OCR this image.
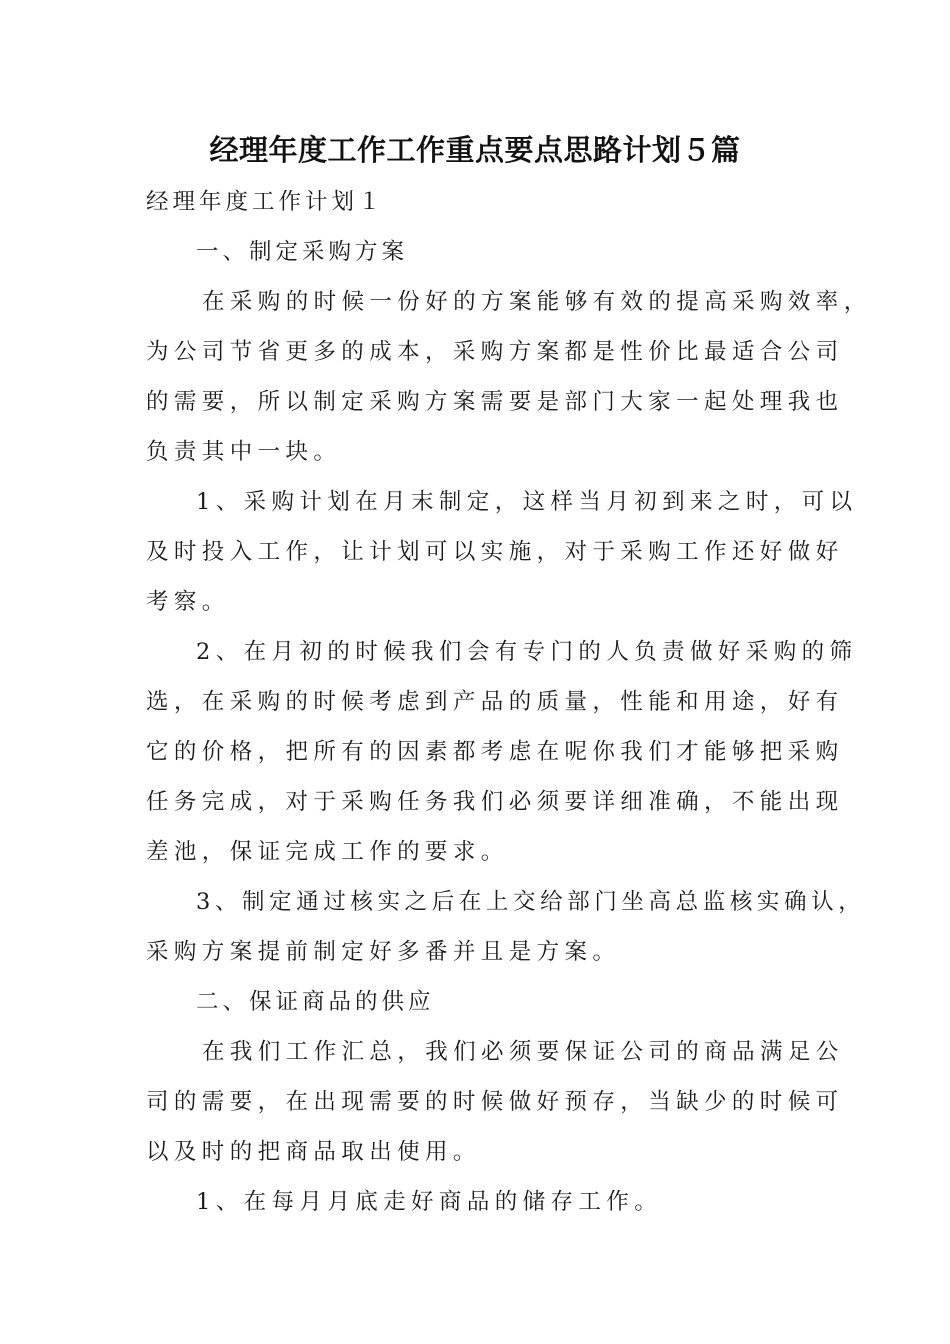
经理年度工作工作重点要点思路计划５篇
经理年度工作计划１
一、制定采购方案
在采购的时候一份好的方案能够有效的提高采购效率，
为公司节省更多的成本，采购方案都是性价比最适合公司
的需要，所以制定采购方案需要是部门大家一起处理我也
负责其中一块。
1、采购计划在月末制定，这样当月初到来之时，可以
及时投入工作，让计划可以实施，对于采购工作还好做好
考察。
2、在月初的时候我们会有专门的人负责做好采购的筛
选，在采购的时候考虑到产品的质量，性能和用途，好有
它的价格，把所有的因素都考虑在呢你我们才能够把采购
任务完成，对于采购任务我们必须要详细准确，不能出现
差池，保证完成工作的要求。
3、制定通过核实之后在上交给部门坐高总监核实确认，
采购方案提前制定好多番并且是方案。
二、保证商品的供应
在我们工作汇总，我们必须要保证公司的商品满足公
司的需要，在出现需要的时候做好预存，当缺少的时候可
以及时的把商品取出使用。
1、在每月月底走好商品的储存工作。
